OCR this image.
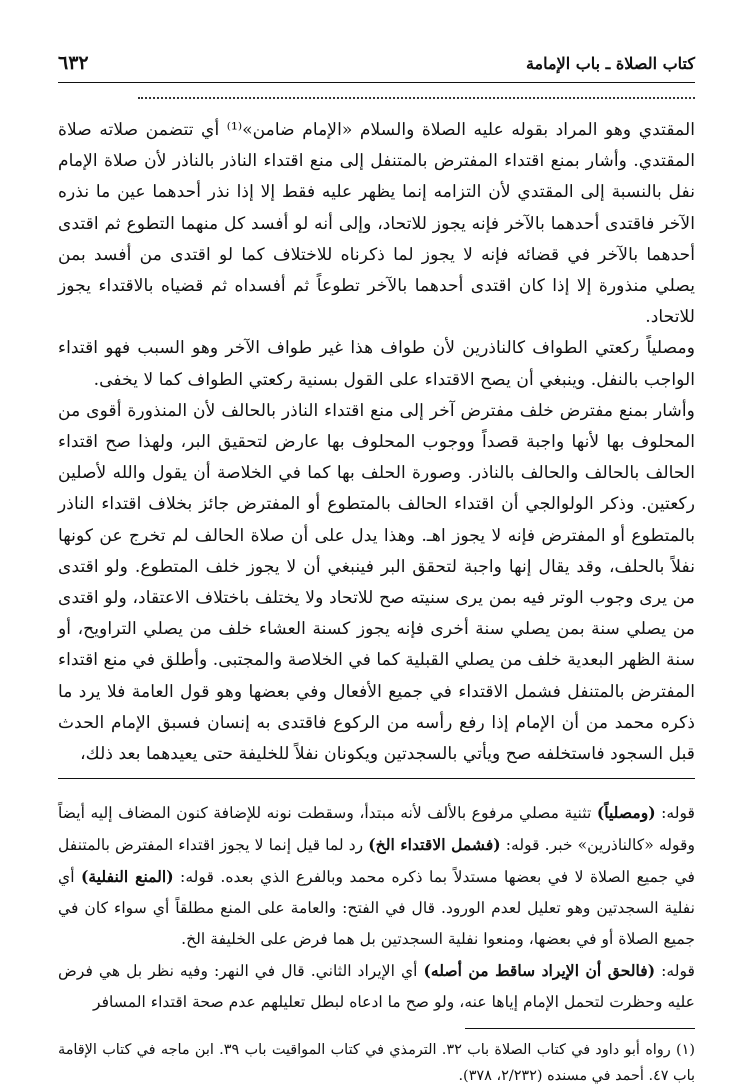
كتاب الصلاة ـ باب الإمامة
٦٣٢

المقتدي وهو المراد بقوله عليه الصلاة والسلام «الإمام ضامن»⁽¹⁾ أي تتضمن صلاته صلاة المقتدي. وأشار بمنع اقتداء المفترض بالمتنفل إلى منع اقتداء الناذر بالناذر لأن صلاة الإمام نفل بالنسبة إلى المقتدي لأن التزامه إنما يظهر عليه فقط إلا إذا نذر أحدهما عين ما نذره الآخر فاقتدى أحدهما بالآخر فإنه يجوز للاتحاد، وإلى أنه لو أفسد كل منهما التطوع ثم اقتدى أحدهما بالآخر في قضائه فإنه لا يجوز لما ذكرناه للاختلاف كما لو اقتدى من أفسد بمن يصلي منذورة إلا إذا كان اقتدى أحدهما بالآخر تطوعاً ثم أفسداه ثم قضياه بالاقتداء يجوز للاتحاد.

ومصلياً ركعتي الطواف كالناذرين لأن طواف هذا غير طواف الآخر وهو السبب فهو اقتداء الواجب بالنفل. وينبغي أن يصح الاقتداء على القول بسنية ركعتي الطواف كما لا يخفى.

وأشار بمنع مفترض خلف مفترض آخر إلى منع اقتداء الناذر بالحالف لأن المنذورة أقوى من المحلوف بها لأنها واجبة قصداً ووجوب المحلوف بها عارض لتحقيق البر، ولهذا صح اقتداء الحالف بالحالف والحالف بالناذر. وصورة الحلف بها كما في الخلاصة أن يقول والله لأصلين ركعتين. وذكر الولوالجي أن اقتداء الحالف بالمتطوع أو المفترض جائز بخلاف اقتداء الناذر بالمتطوع أو المفترض فإنه لا يجوز اهـ. وهذا يدل على أن صلاة الحالف لم تخرج عن كونها نفلاً بالحلف، وقد يقال إنها واجبة لتحقق البر فينبغي أن لا يجوز خلف المتطوع. ولو اقتدى من يرى وجوب الوتر فيه بمن يرى سنيته صح للاتحاد ولا يختلف باختلاف الاعتقاد، ولو اقتدى من يصلي سنة بمن يصلي سنة أخرى فإنه يجوز كسنة العشاء خلف من يصلي التراويح، أو سنة الظهر البعدية خلف من يصلي القبلية كما في الخلاصة والمجتبى. وأطلق في منع اقتداء المفترض بالمتنفل فشمل الاقتداء في جميع الأفعال وفي بعضها وهو قول العامة فلا يرد ما ذكره محمد من أن الإمام إذا رفع رأسه من الركوع فاقتدى به إنسان فسبق الإمام الحدث قبل السجود فاستخلفه صح ويأتي بالسجدتين ويكونان نفلاً للخليفة حتى يعيدهما بعد ذلك،

قوله: (ومصلياً) تثنية مصلي مرفوع بالألف لأنه مبتدأ، وسقطت نونه للإضافة كنون المضاف إليه أيضاً وقوله «كالناذرين» خبر. قوله: (فشمل الاقتداء الخ) رد لما قيل إنما لا يجوز اقتداء المفترض بالمتنفل في جميع الصلاة لا في بعضها مستدلاً بما ذكره محمد وبالفرع الذي بعده. قوله: (المنع النفلية) أي نفلية السجدتين وهو تعليل لعدم الورود. قال في الفتح: والعامة على المنع مطلقاً أي سواء كان في جميع الصلاة أو في بعضها، ومنعوا نفلية السجدتين بل هما فرض على الخليفة الخ.

قوله: (فالحق أن الإيراد ساقط من أصله) أي الإيراد الثاني. قال في النهر: وفيه نظر بل هي فرض عليه وحظرت لتحمل الإمام إياها عنه، ولو صح ما ادعاه لبطل تعليلهم عدم صحة اقتداء المسافر

(١) رواه أبو داود في كتاب الصلاة باب ٣٢. الترمذي في كتاب المواقيت باب ٣٩. ابن ماجه في كتاب الإقامة باب ٤٧. أحمد في مسنده (٢/٢٣٢، ٣٧٨).
